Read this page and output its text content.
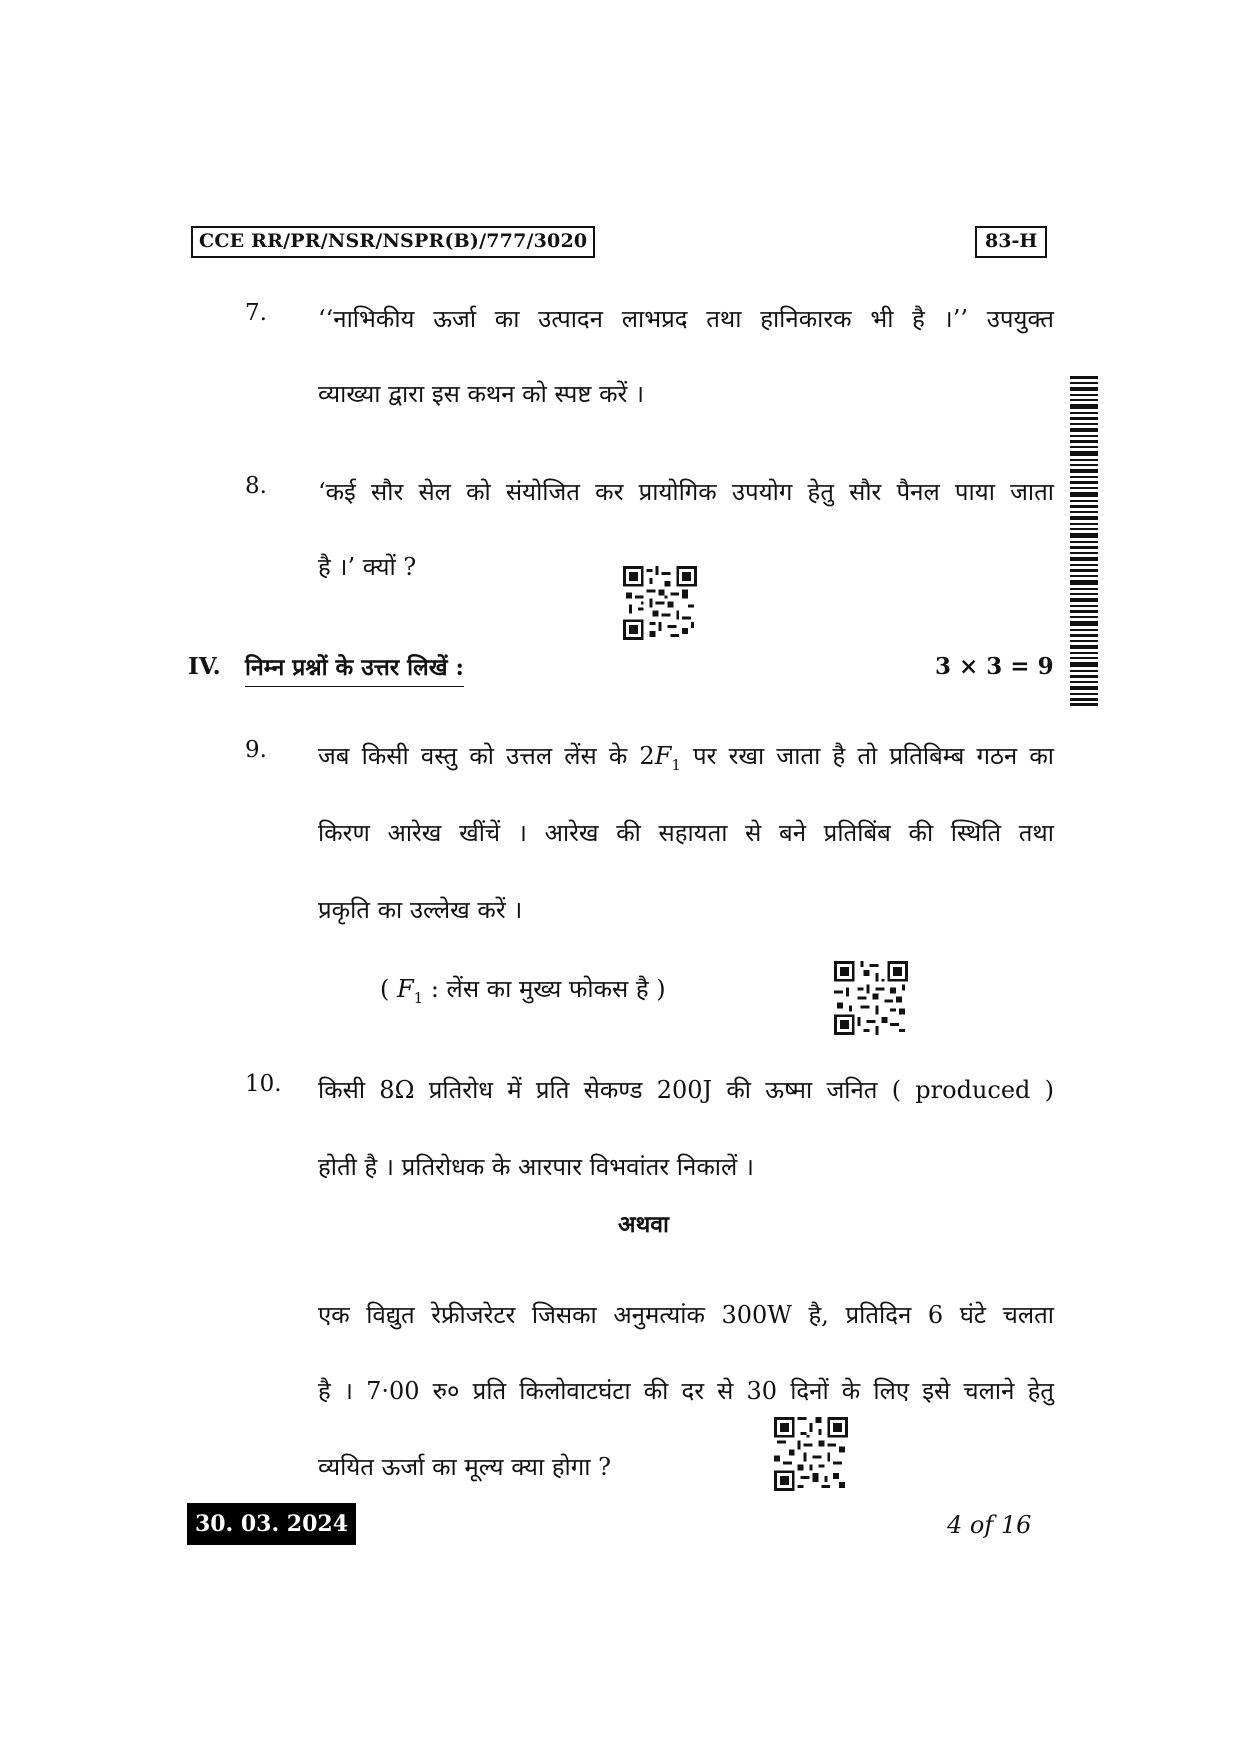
CCE RR/PR/NSR/NSPR(B)/777/3020	83-H
7.	‘‘नाभिकीय ऊर्जा का उत्पादन लाभप्रद तथा हानिकारक भी है ।’’ उपयुक्त
व्याख्या द्वारा इस कथन को स्पष्ट करें ।
8.	‘कई सौर सेल को संयोजित कर प्रायोगिक उपयोग हेतु सौर पैनल पाया जाता
है ।’ क्यों ?
IV. निम्न प्रश्नों के उत्तर लिखें :	3 × 3 = 9
9.	जब किसी वस्तु को उत्तल लेंस के $2F_1$ पर रखा जाता है तो प्रतिबिम्ब गठन का
किरण आरेख खींचें । आरेख की सहायता से बने प्रतिबिंब की स्थिति तथा
प्रकृति का उल्लेख करें ।
( $F_1$ : लेंस का मुख्य फोकस है )
10.	किसी 8Ω प्रतिरोध में प्रति सेकण्ड 200J की ऊष्मा जनित ( produced )
होती है । प्रतिरोधक के आरपार विभवांतर निकालें ।
अथवा
एक विद्युत रेफ्रीजरेटर जिसका अनुमत्यांक 300W है, प्रतिदिन 6 घंटे चलता
है । 7·00 रु० प्रति किलोवाटघंटा की दर से 30 दिनों के लिए इसे चलाने हेतु
व्ययित ऊर्जा का मूल्य क्या होगा ?
30. 03. 2024	4 of 16
